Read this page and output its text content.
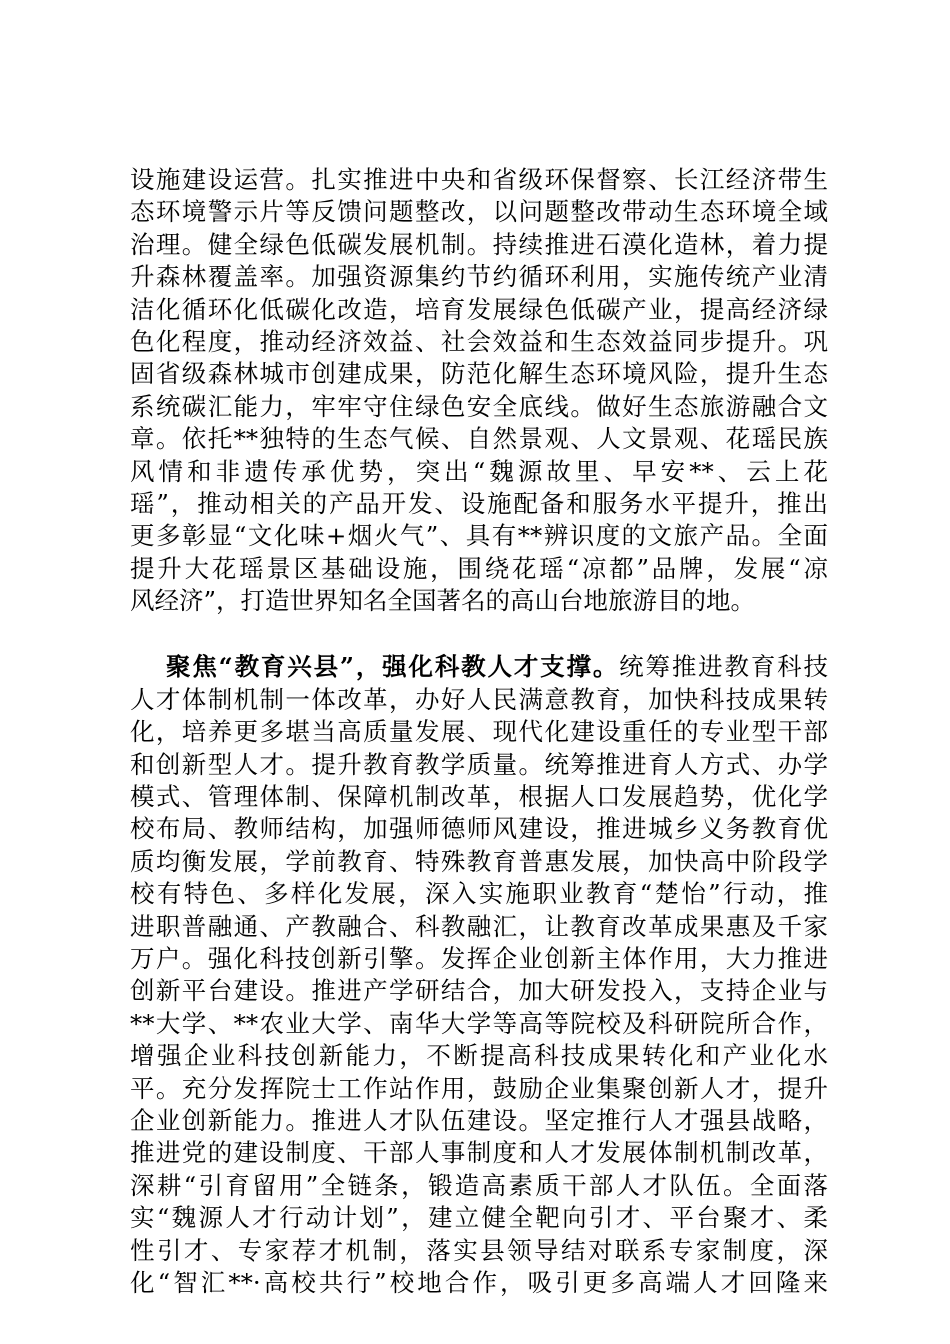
设施建设运营。扎实推进中央和省级环保督察、长江经济带生
态环境警示片等反馈问题整改，以问题整改带动生态环境全域
治理。健全绿色低碳发展机制。持续推进石漠化造林，着力提
升森林覆盖率。加强资源集约节约循环利用，实施传统产业清
洁化循环化低碳化改造，培育发展绿色低碳产业，提高经济绿
色化程度，推动经济效益、社会效益和生态效益同步提升。巩
固省级森林城市创建成果，防范化解生态环境风险，提升生态
系统碳汇能力，牢牢守住绿色安全底线。做好生态旅游融合文
章。依托**独特的生态气候、自然景观、人文景观、花瑶民族
风情和非遗传承优势，突出“魏源故里、早安**、云上花
瑶”，推动相关的产品开发、设施配备和服务水平提升，推出
更多彰显“文化味+烟火气”、具有**辨识度的文旅产品。全面
提升大花瑶景区基础设施，围绕花瑶“凉都”品牌，发展“凉
风经济”，打造世界知名全国著名的高山台地旅游目的地。
聚焦“教育兴县”，强化科教人才支撑。统筹推进教育科技
人才体制机制一体改革，办好人民满意教育，加快科技成果转
化，培养更多堪当高质量发展、现代化建设重任的专业型干部
和创新型人才。提升教育教学质量。统筹推进育人方式、办学
模式、管理体制、保障机制改革，根据人口发展趋势，优化学
校布局、教师结构，加强师德师风建设，推进城乡义务教育优
质均衡发展，学前教育、特殊教育普惠发展，加快高中阶段学
校有特色、多样化发展，深入实施职业教育“楚怡”行动，推
进职普融通、产教融合、科教融汇，让教育改革成果惠及千家
万户。强化科技创新引擎。发挥企业创新主体作用，大力推进
创新平台建设。推进产学研结合，加大研发投入，支持企业与
**大学、**农业大学、南华大学等高等院校及科研院所合作，
增强企业科技创新能力，不断提高科技成果转化和产业化水
平。充分发挥院士工作站作用，鼓励企业集聚创新人才，提升
企业创新能力。推进人才队伍建设。坚定推行人才强县战略，
推进党的建设制度、干部人事制度和人才发展体制机制改革，
深耕“引育留用”全链条，锻造高素质干部人才队伍。全面落
实“魏源人才行动计划”，建立健全靶向引才、平台聚才、柔
性引才、专家荐才机制，落实县领导结对联系专家制度，深
化“智汇**·高校共行”校地合作，吸引更多高端人才回隆来
